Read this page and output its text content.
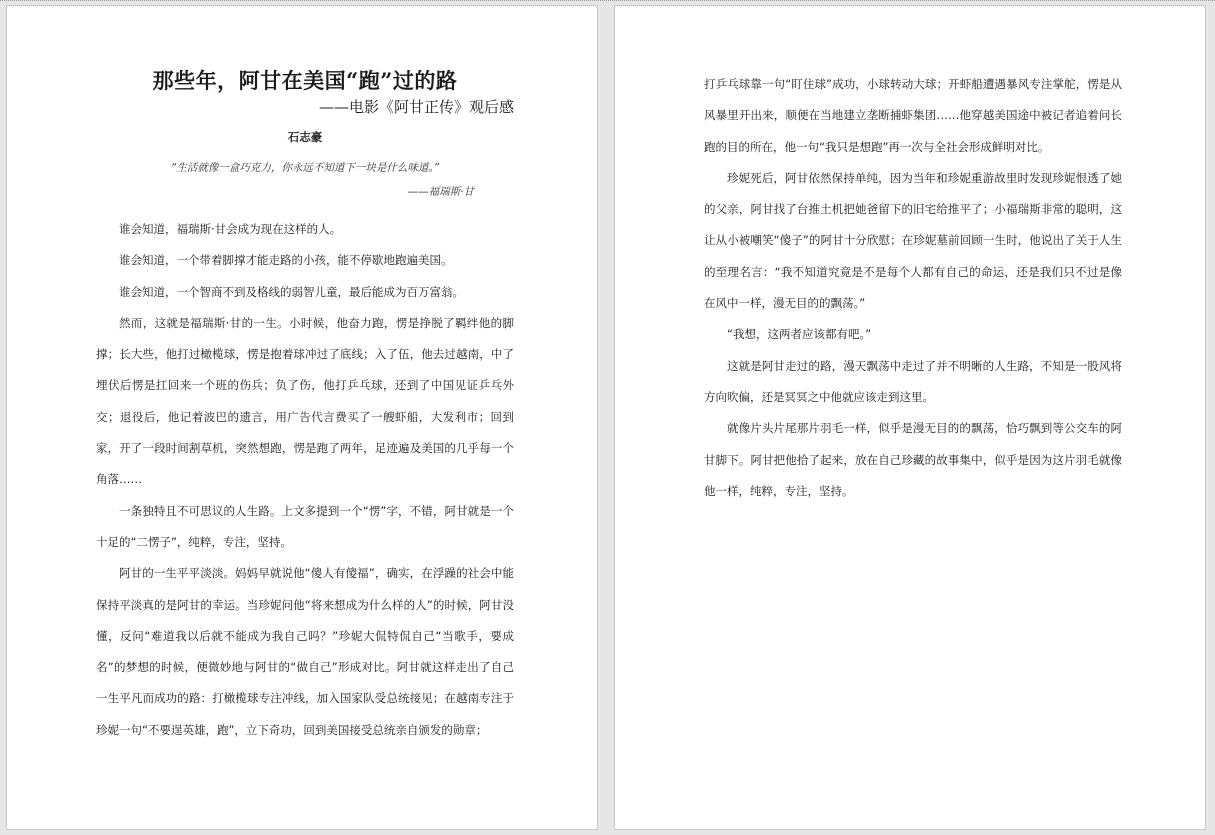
那些年，阿甘在美国“跑”过的路

——电影《阿甘正传》观后感

石志豪

“生活就像一盒巧克力，你永远不知道下一块是什么味道。”

——福瑞斯·甘

谁会知道，福瑞斯·甘会成为现在这样的人。

谁会知道，一个带着脚撑才能走路的小孩，能不停歇地跑遍美国。

谁会知道，一个智商不到及格线的弱智儿童，最后能成为百万富翁。

然而，这就是福瑞斯·甘的一生。小时候，他奋力跑，愣是挣脱了羁绊他的脚撑；长大些，他打过橄榄球，愣是抱着球冲过了底线；入了伍，他去过越南，中了埋伏后愣是扛回来一个班的伤兵；负了伤，他打乒乓球，还到了中国见证乒乓外交；退役后，他记着波巴的遗言，用广告代言费买了一艘虾船，大发利市；回到家，开了一段时间割草机，突然想跑，愣是跑了两年，足迹遍及美国的几乎每一个角落……

一条独特且不可思议的人生路。上文多提到一个“愣”字，不错，阿甘就是一个十足的“二愣子”，纯粹，专注，坚持。

阿甘的一生平平淡淡。妈妈早就说他“傻人有傻福”，确实，在浮躁的社会中能保持平淡真的是阿甘的幸运。当珍妮问他“将来想成为什么样的人”的时候，阿甘没懂，反问“难道我以后就不能成为我自己吗？”珍妮大侃特侃自己“当歌手，要成名”的梦想的时候，便微妙地与阿甘的“做自己”形成对比。阿甘就这样走出了自己一生平凡而成功的路：打橄榄球专注冲线，加入国家队受总统接见；在越南专注于珍妮一句“不要逞英雄，跑”，立下奇功，回到美国接受总统亲自颁发的勋章；

打乒乓球靠一句“盯住球”成功，小球转动大球；开虾船遭遇暴风专注掌舵，愣是从风暴里开出来，顺便在当地建立垄断捕虾集团……他穿越美国途中被记者追着问长跑的目的所在，他一句“我只是想跑”再一次与全社会形成鲜明对比。

珍妮死后，阿甘依然保持单纯，因为当年和珍妮重游故里时发现珍妮恨透了她的父亲，阿甘找了台推土机把她爸留下的旧宅给推平了；小福瑞斯非常的聪明，这让从小被嘲笑“傻子”的阿甘十分欣慰；在珍妮墓前回顾一生时，他说出了关于人生的至理名言：“我不知道究竟是不是每个人都有自己的命运，还是我们只不过是像在风中一样，漫无目的的飘荡。”

“我想，这两者应该都有吧。”

这就是阿甘走过的路，漫天飘荡中走过了并不明晰的人生路，不知是一股风将方向吹偏，还是冥冥之中他就应该走到这里。

就像片头片尾那片羽毛一样，似乎是漫无目的的飘荡，恰巧飘到等公交车的阿甘脚下。阿甘把他拾了起来，放在自己珍藏的故事集中，似乎是因为这片羽毛就像他一样，纯粹，专注，坚持。
